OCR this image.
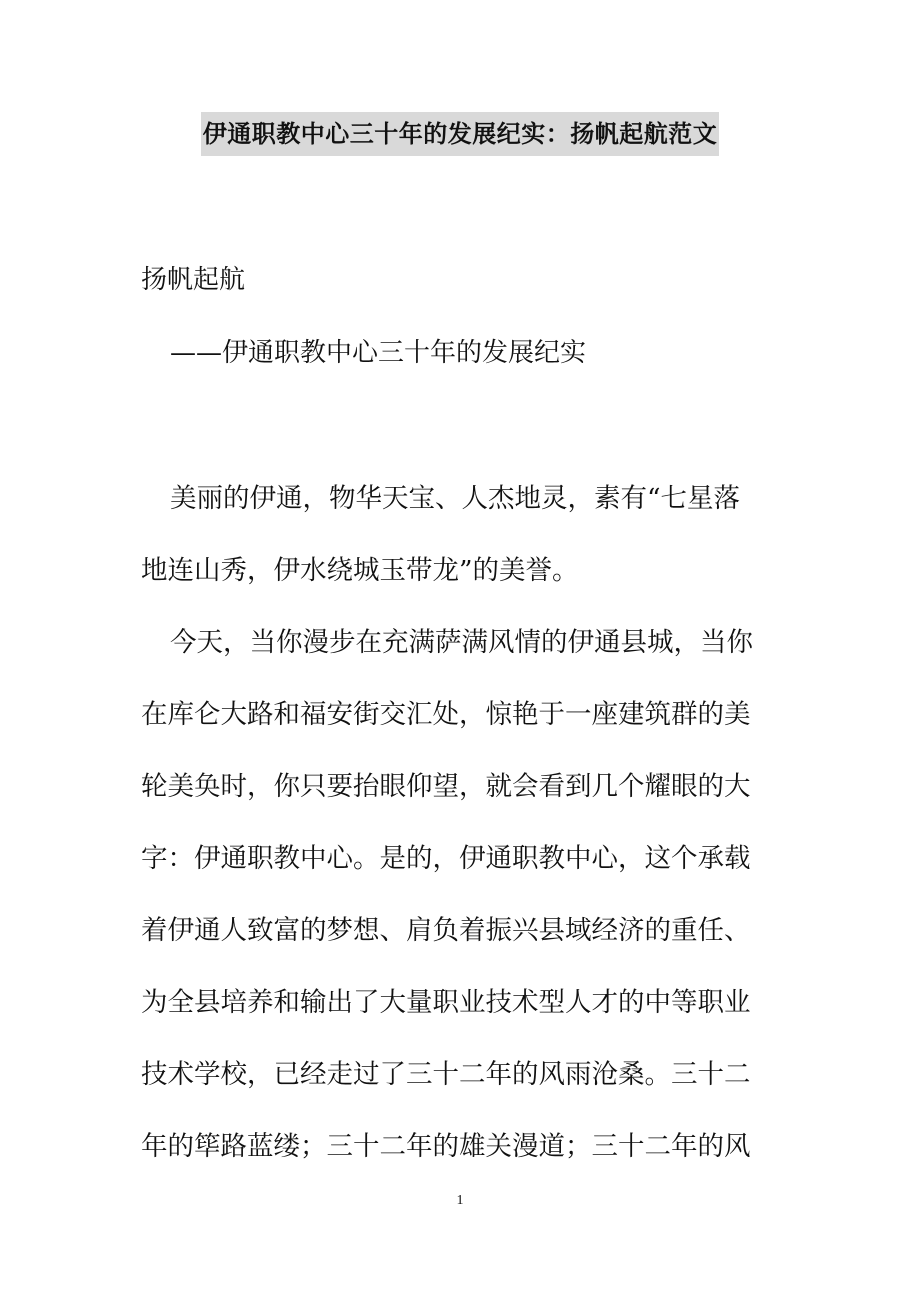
伊通职教中心三十年的发展纪实：扬帆起航范文
扬帆起航
——伊通职教中心三十年的发展纪实
美丽的伊通，物华天宝、人杰地灵，素有“七星落
地连山秀，伊水绕城玉带龙”的美誉。
今天，当你漫步在充满萨满风情的伊通县城，当你
在库仑大路和福安街交汇处，惊艳于一座建筑群的美
轮美奂时，你只要抬眼仰望，就会看到几个耀眼的大
字：伊通职教中心。是的，伊通职教中心，这个承载
着伊通人致富的梦想、肩负着振兴县域经济的重任、
为全县培养和输出了大量职业技术型人才的中等职业
技术学校，已经走过了三十二年的风雨沧桑。三十二
年的筚路蓝缕；三十二年的雄关漫道；三十二年的风
1
